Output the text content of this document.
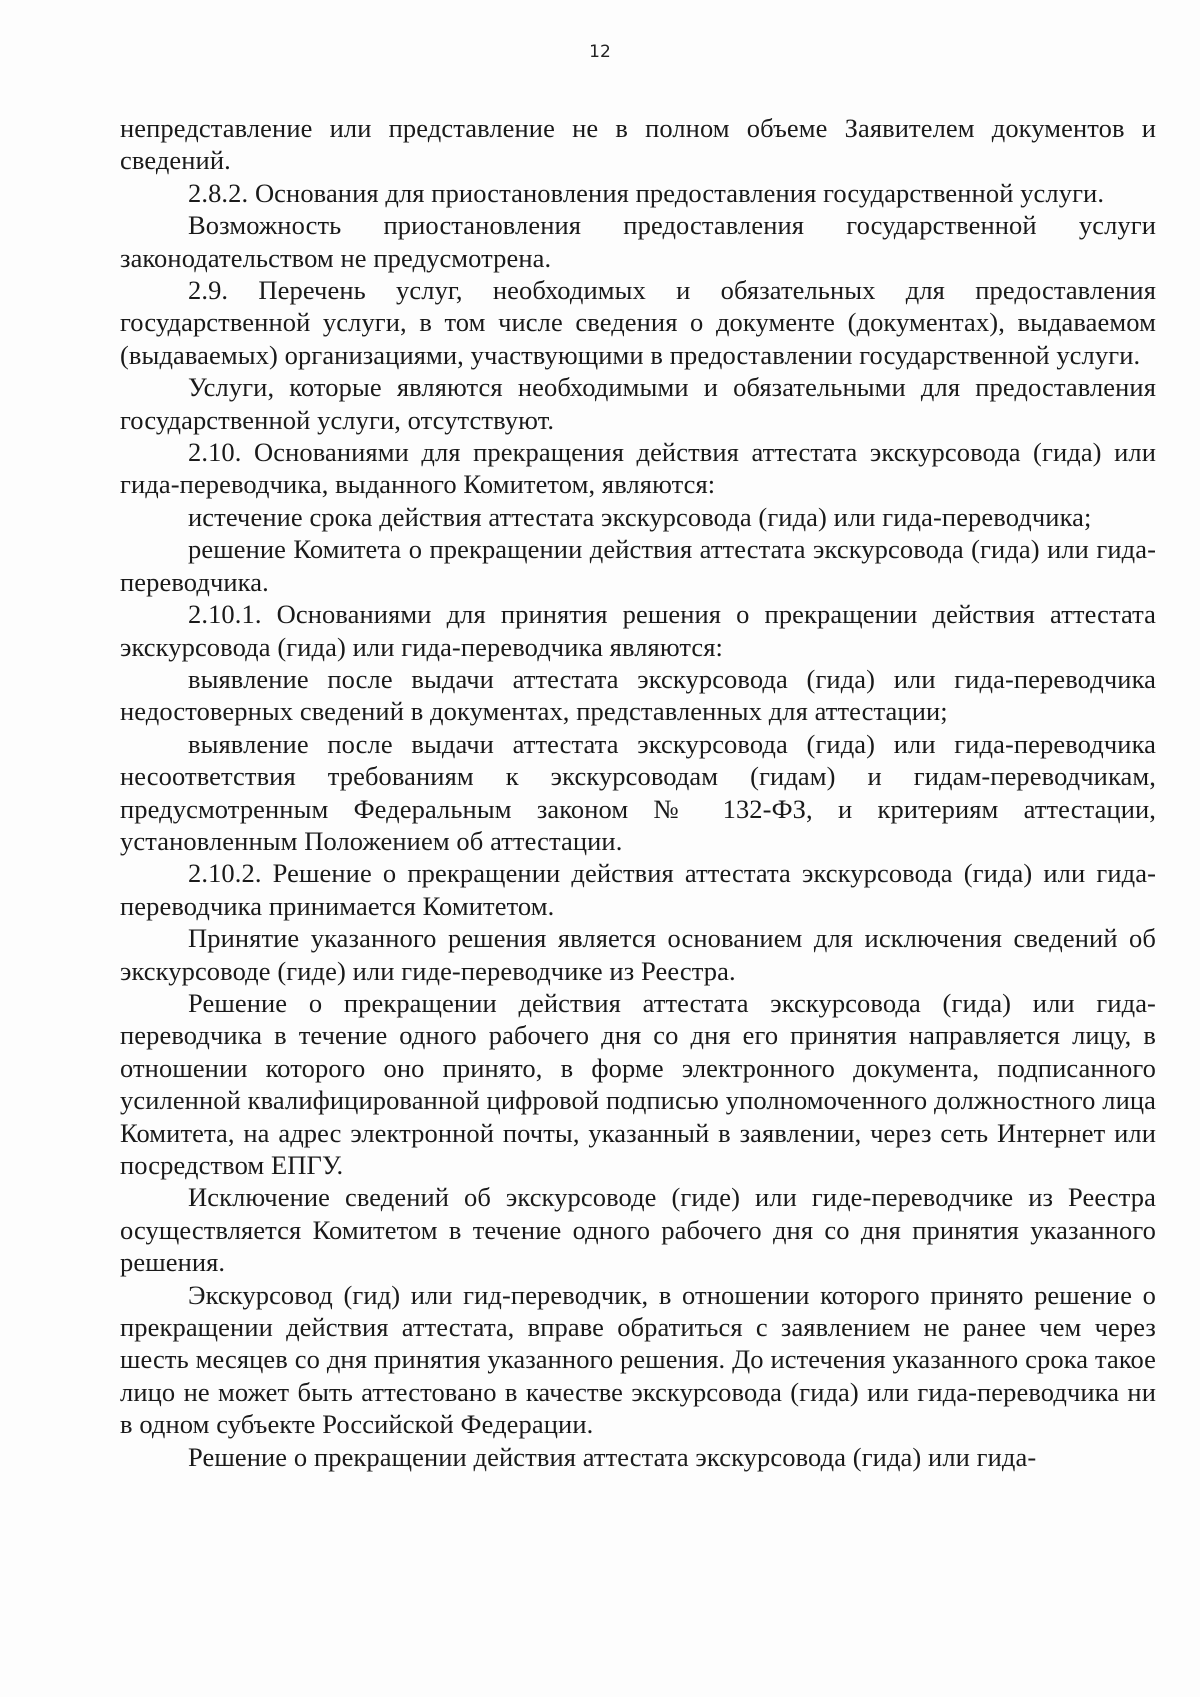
12

непредставление или представление не в полном объеме Заявителем документов и сведений.

2.8.2. Основания для приостановления предоставления государственной услуги.

Возможность приостановления предоставления государственной услуги законодательством не предусмотрена.

2.9. Перечень услуг, необходимых и обязательных для предоставления государственной услуги, в том числе сведения о документе (документах), выдаваемом (выдаваемых) организациями, участвующими в предоставлении государственной услуги.

Услуги, которые являются необходимыми и обязательными для предоставления государственной услуги, отсутствуют.

2.10. Основаниями для прекращения действия аттестата экскурсовода (гида) или гида-переводчика, выданного Комитетом, являются:

истечение срока действия аттестата экскурсовода (гида) или гида-переводчика;

решение Комитета о прекращении действия аттестата экскурсовода (гида) или гида-переводчика.

2.10.1. Основаниями для принятия решения о прекращении действия аттестата экскурсовода (гида) или гида-переводчика являются:

выявление после выдачи аттестата экскурсовода (гида) или гида-переводчика недостоверных сведений в документах, представленных для аттестации;

выявление после выдачи аттестата экскурсовода (гида) или гида-переводчика несоответствия требованиям к экскурсоводам (гидам) и гидам-переводчикам, предусмотренным Федеральным законом № 132-ФЗ, и критериям аттестации, установленным Положением об аттестации.

2.10.2. Решение о прекращении действия аттестата экскурсовода (гида) или гида-переводчика принимается Комитетом.

Принятие указанного решения является основанием для исключения сведений об экскурсоводе (гиде) или гиде-переводчике из Реестра.

Решение о прекращении действия аттестата экскурсовода (гида) или гида-переводчика в течение одного рабочего дня со дня его принятия направляется лицу, в отношении которого оно принято, в форме электронного документа, подписанного усиленной квалифицированной цифровой подписью уполномоченного должностного лица Комитета, на адрес электронной почты, указанный в заявлении, через сеть Интернет или посредством ЕПГУ.

Исключение сведений об экскурсоводе (гиде) или гиде-переводчике из Реестра осуществляется Комитетом в течение одного рабочего дня со дня принятия указанного решения.

Экскурсовод (гид) или гид-переводчик, в отношении которого принято решение о прекращении действия аттестата, вправе обратиться с заявлением не ранее чем через шесть месяцев со дня принятия указанного решения. До истечения указанного срока такое лицо не может быть аттестовано в качестве экскурсовода (гида) или гида-переводчика ни в одном субъекте Российской Федерации.

Решение о прекращении действия аттестата экскурсовода (гида) или гида-
